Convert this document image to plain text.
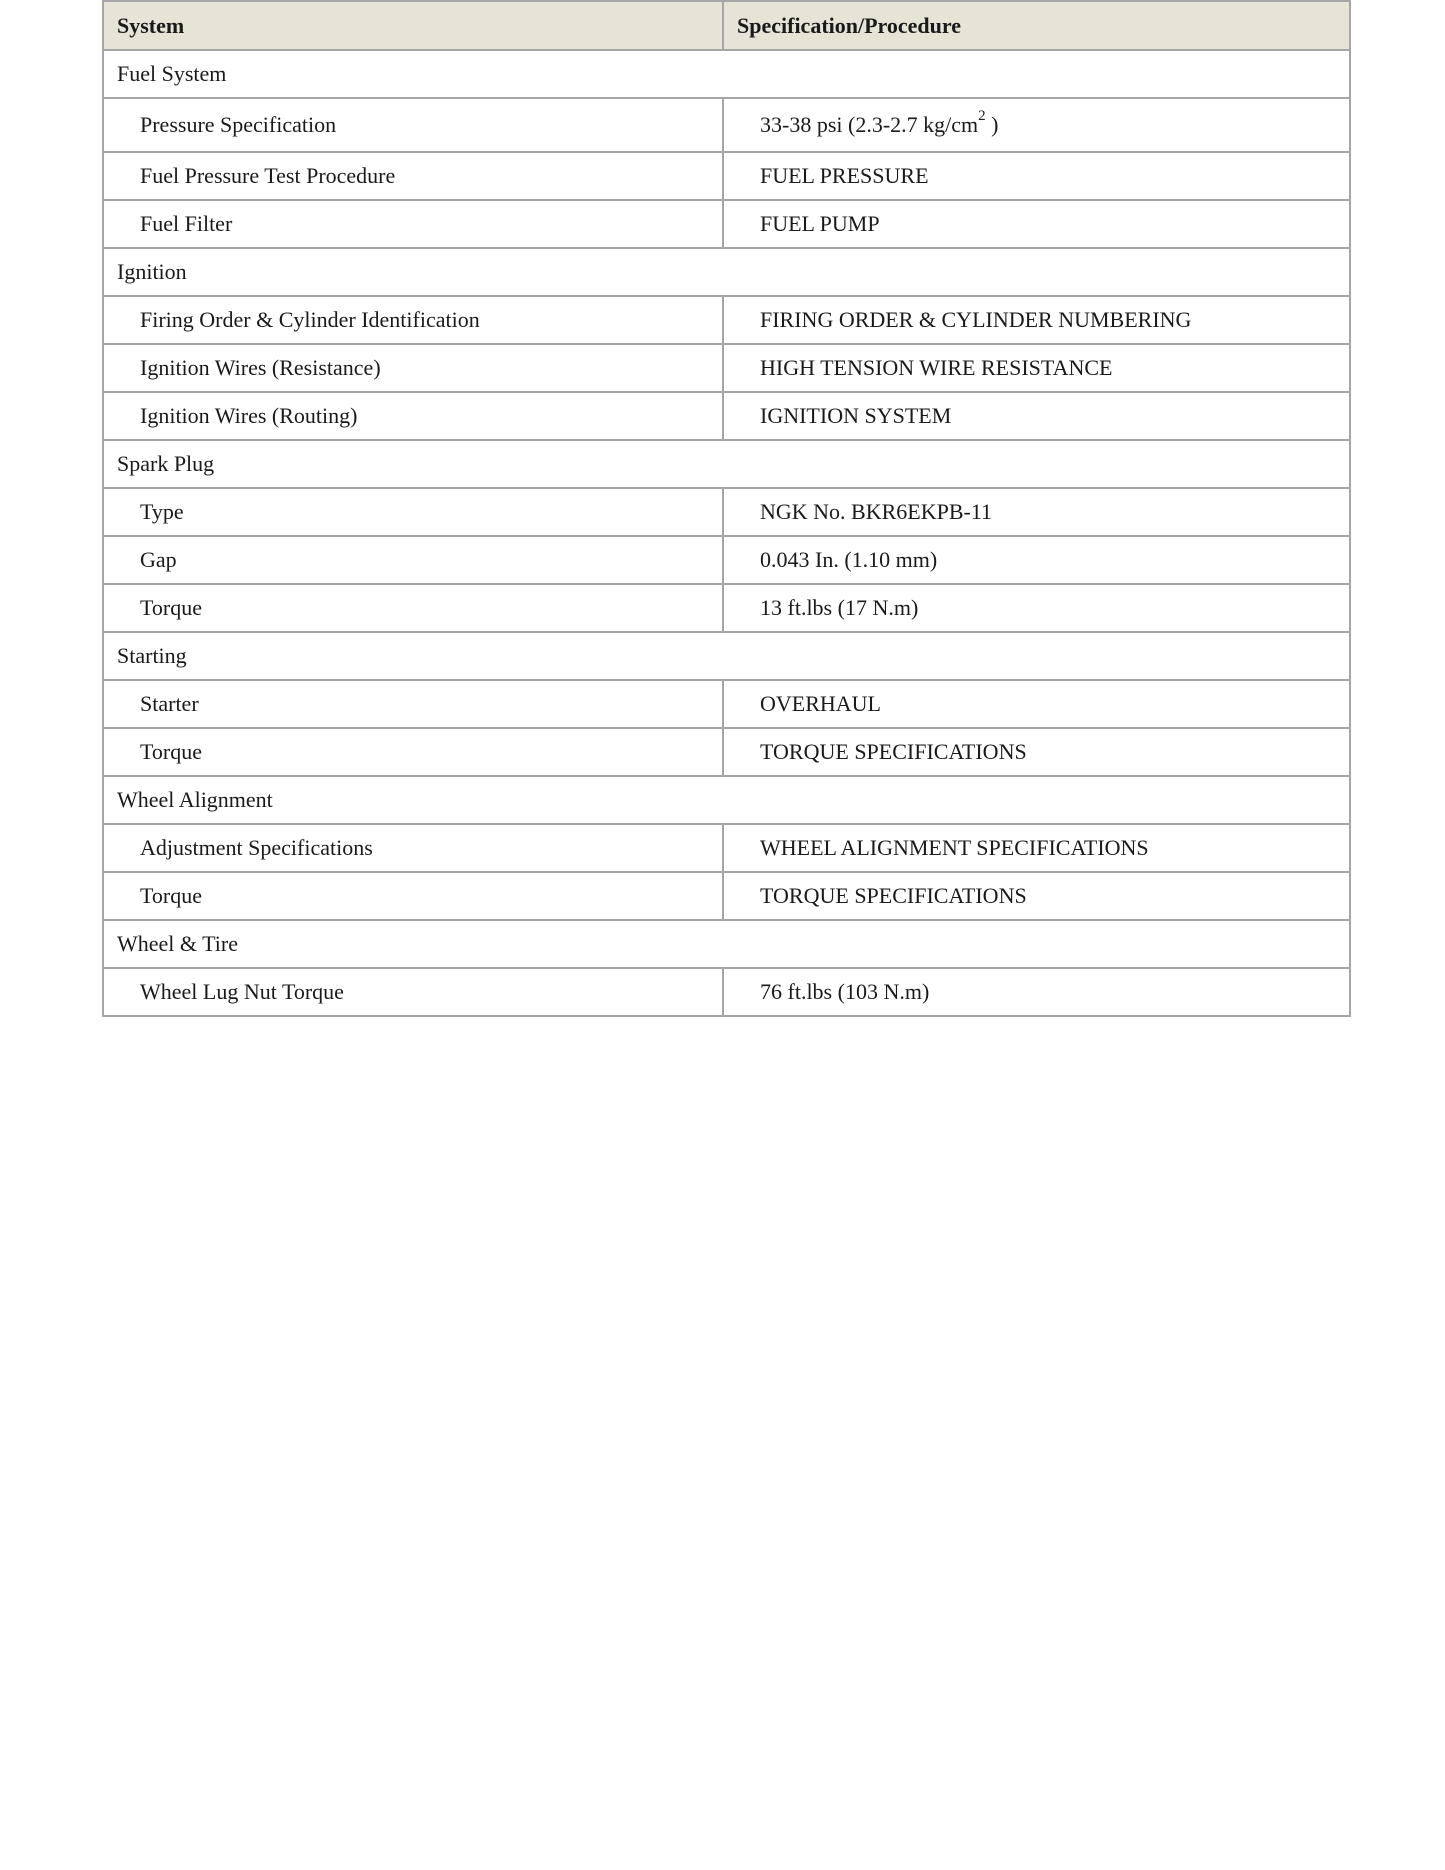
System	Specification/Procedure
Fuel System	
Pressure Specification	33-38 psi (2.3-2.7 $kg/cm^2$ )
Fuel Pressure Test Procedure	FUEL PRESSURE
Fuel Filter	FUEL PUMP
Ignition	
Firing Order & Cylinder Identification	FIRING ORDER & CYLINDER NUMBERING
Ignition Wires (Resistance)	HIGH TENSION WIRE RESISTANCE
Ignition Wires (Routing)	IGNITION SYSTEM
Spark Plug	
Type	NGK No. BKR6EKPB-11
Gap	0.043 In. (1.10 mm)
Torque	13 ft.lbs (17 N.m)
Starting	
Starter	OVERHAUL
Torque	TORQUE SPECIFICATIONS
Wheel Alignment	
Adjustment Specifications	WHEEL ALIGNMENT SPECIFICATIONS
Torque	TORQUE SPECIFICATIONS
Wheel & Tire	
Wheel Lug Nut Torque	76 ft.lbs (103 N.m)
